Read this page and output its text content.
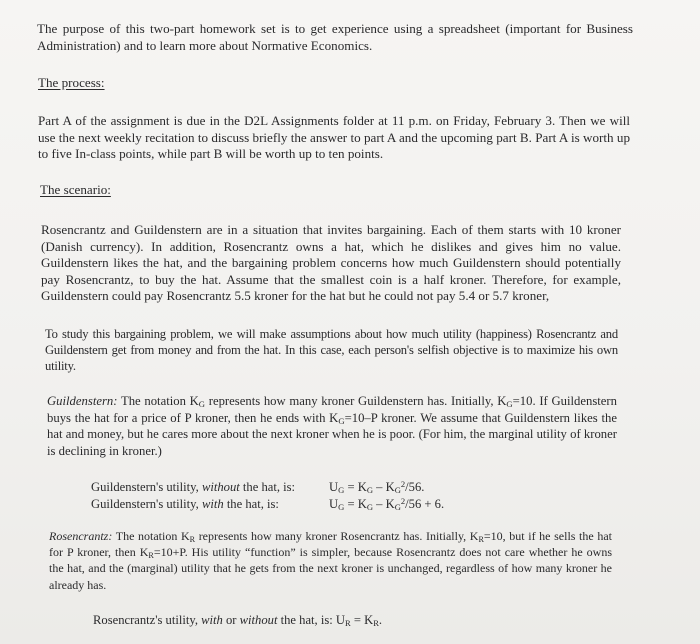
The purpose of this two-part homework set is to get experience using a spreadsheet (important for Business Administration) and to learn more about Normative Economics.

The process:

Part A of the assignment is due in the D2L Assignments folder at 11 p.m. on Friday, February 3. Then we will use the next weekly recitation to discuss briefly the answer to part A and the upcoming part B. Part A is worth up to five In-class points, while part B will be worth up to ten points.

The scenario:

Rosencrantz and Guildenstern are in a situation that invites bargaining. Each of them starts with 10 kroner (Danish currency). In addition, Rosencrantz owns a hat, which he dislikes and gives him no value. Guildenstern likes the hat, and the bargaining problem concerns how much Guildenstern should potentially pay Rosencrantz, to buy the hat. Assume that the smallest coin is a half kroner. Therefore, for example, Guildenstern could pay Rosencrantz 5.5 kroner for the hat but he could not pay 5.4 or 5.7 kroner,

To study this bargaining problem, we will make assumptions about how much utility (happiness) Rosencrantz and Guildenstern get from money and from the hat. In this case, each person's selfish objective is to maximize his own utility.

Guildenstern: The notation $K_G$ represents how many kroner Guildenstern has. Initially, $K_G=10$. If Guildenstern buys the hat for a price of P kroner, then he ends with $K_G=10-P$ kroner. We assume that Guildenstern likes the hat and money, but he cares more about the next kroner when he is poor. (For him, the marginal utility of kroner is declining in kroner.)

Guildenstern's utility, without the hat, is:	$U_G = K_G - K_G^2/56$.
Guildenstern's utility, with the hat, is:	$U_G = K_G - K_G^2/56 + 6$.

Rosencrantz: The notation $K_R$ represents how many kroner Rosencrantz has. Initially, $K_R=10$, but if he sells the hat for P kroner, then $K_R=10+P$. His utility “function” is simpler, because Rosencrantz does not care whether he owns the hat, and the (marginal) utility that he gets from the next kroner is unchanged, regardless of how many kroner he already has.

Rosencrantz's utility, with or without the hat, is: $U_R = K_R$.
